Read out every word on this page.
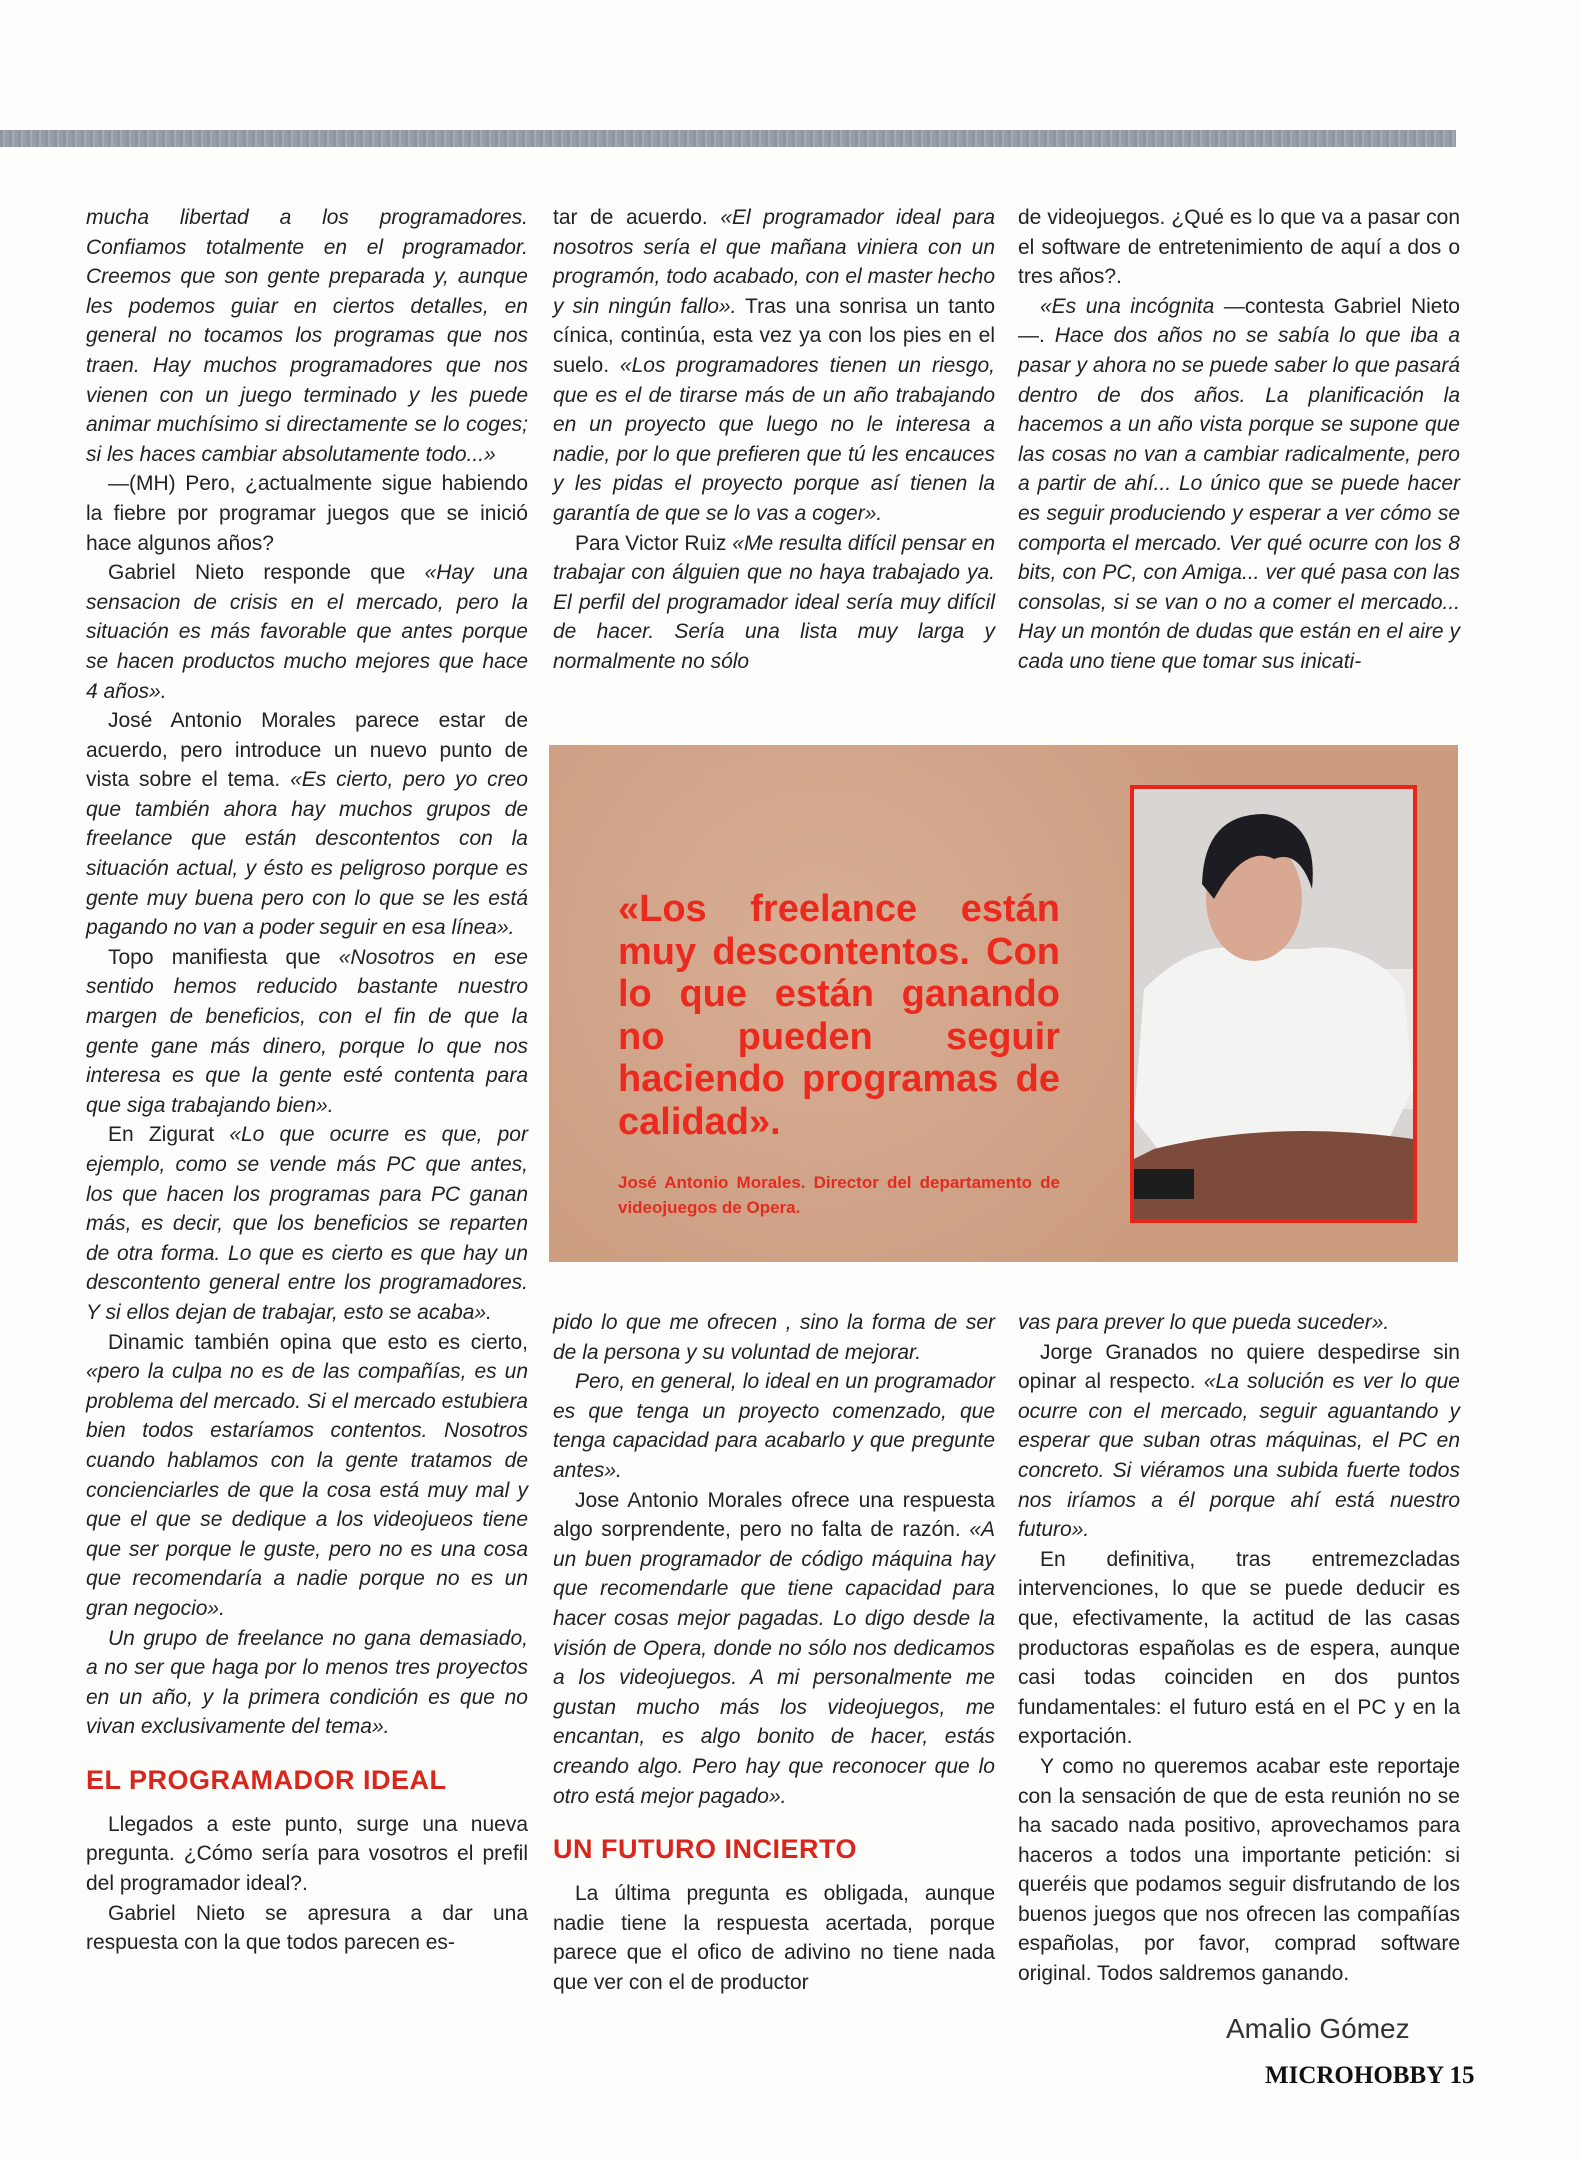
mucha libertad a los programadores. Confiamos totalmente en el programador. Creemos que son gente preparada y, aunque les podemos guiar en ciertos detalles, en general no tocamos los programas que nos traen. Hay muchos programadores que nos vienen con un juego terminado y les puede animar muchísimo si directamente se lo coges; si les haces cambiar absolutamente todo...»

—(MH) Pero, ¿actualmente sigue habiendo la fiebre por programar juegos que se inició hace algunos años?

Gabriel Nieto responde que «Hay una sensacion de crisis en el mercado, pero la situación es más favorable que antes porque se hacen productos mucho mejores que hace 4 años».

José Antonio Morales parece estar de acuerdo, pero introduce un nuevo punto de vista sobre el tema. «Es cierto, pero yo creo que también ahora hay muchos grupos de freelance que están descontentos con la situación actual, y ésto es peligroso porque es gente muy buena pero con lo que se les está pagando no van a poder seguir en esa línea».

Topo manifiesta que «Nosotros en ese sentido hemos reducido bastante nuestro margen de beneficios, con el fin de que la gente gane más dinero, porque lo que nos interesa es que la gente esté contenta para que siga trabajando bien».

En Zigurat «Lo que ocurre es que, por ejemplo, como se vende más PC que antes, los que hacen los programas para PC ganan más, es decir, que los beneficios se reparten de otra forma. Lo que es cierto es que hay un descontento general entre los programadores. Y si ellos dejan de trabajar, esto se acaba».

Dinamic también opina que esto es cierto, «pero la culpa no es de las compañías, es un problema del mercado. Si el mercado estubiera bien todos estaríamos contentos. Nosotros cuando hablamos con la gente tratamos de concienciarles de que la cosa está muy mal y que el que se dedique a los videojueos tiene que ser porque le guste, pero no es una cosa que recomendaría a nadie porque no es un gran negocio».

Un grupo de freelance no gana demasiado, a no ser que haga por lo menos tres proyectos en un año, y la primera condición es que no vivan exclusivamente del tema».

EL PROGRAMADOR IDEAL

Llegados a este punto, surge una nueva pregunta. ¿Cómo sería para vosotros el prefil del programador ideal?.

Gabriel Nieto se apresura a dar una respuesta con la que todos parecen es-

tar de acuerdo. «El programador ideal para nosotros sería el que mañana viniera con un programón, todo acabado, con el master hecho y sin ningún fallo». Tras una sonrisa un tanto cínica, continúa, esta vez ya con los pies en el suelo. «Los programadores tienen un riesgo, que es el de tirarse más de un año trabajando en un proyecto que luego no le interesa a nadie, por lo que prefieren que tú les encauces y les pidas el proyecto porque así tienen la garantía de que se lo vas a coger».

Para Victor Ruiz «Me resulta difícil pensar en trabajar con álguien que no haya trabajado ya. El perfil del programador ideal sería muy difícil de hacer. Sería una lista muy larga y normalmente no sólo

de videojuegos. ¿Qué es lo que va a pasar con el software de entretenimiento de aquí a dos o tres años?.

«Es una incógnita —contesta Gabriel Nieto—. Hace dos años no se sabía lo que iba a pasar y ahora no se puede saber lo que pasará dentro de dos años. La planificación la hacemos a un año vista porque se supone que las cosas no van a cambiar radicalmente, pero a partir de ahí... Lo único que se puede hacer es seguir produciendo y esperar a ver cómo se comporta el mercado. Ver qué ocurre con los 8 bits, con PC, con Amiga... ver qué pasa con las consolas, si se van o no a comer el mercado... Hay un montón de dudas que están en el aire y cada uno tiene que tomar sus inicati-

«Los freelance están muy descontentos. Con lo que están ganando no pueden seguir haciendo programas de calidad».
José Antonio Morales. Director del departamento de videojuegos de Opera.

pido lo que me ofrecen , sino la forma de ser de la persona y su voluntad de mejorar.

Pero, en general, lo ideal en un programador es que tenga un proyecto comenzado, que tenga capacidad para acabarlo y que pregunte antes».

Jose Antonio Morales ofrece una respuesta algo sorprendente, pero no falta de razón. «A un buen programador de código máquina hay que recomendarle que tiene capacidad para hacer cosas mejor pagadas. Lo digo desde la visión de Opera, donde no sólo nos dedicamos a los videojuegos. A mi personalmente me gustan mucho más los videojuegos, me encantan, es algo bonito de hacer, estás creando algo. Pero hay que reconocer que lo otro está mejor pagado».

UN FUTURO INCIERTO

La última pregunta es obligada, aunque nadie tiene la respuesta acertada, porque parece que el ofico de adivino no tiene nada que ver con el de productor

vas para prever lo que pueda suceder».

Jorge Granados no quiere despedirse sin opinar al respecto. «La solución es ver lo que ocurre con el mercado, seguir aguantando y esperar que suban otras máquinas, el PC en concreto. Si viéramos una subida fuerte todos nos iríamos a él porque ahí está nuestro futuro».

En definitiva, tras entremezcladas intervenciones, lo que se puede deducir es que, efectivamente, la actitud de las casas productoras españolas es de espera, aunque casi todas coinciden en dos puntos fundamentales: el futuro está en el PC y en la exportación.

Y como no queremos acabar este reportaje con la sensación de que de esta reunión no se ha sacado nada positivo, aprovechamos para haceros a todos una importante petición: si queréis que podamos seguir disfrutando de los buenos juegos que nos ofrecen las compañías españolas, por favor, comprad software original. Todos saldremos ganando.

Amalio Gómez
MICROHOBBY 15
